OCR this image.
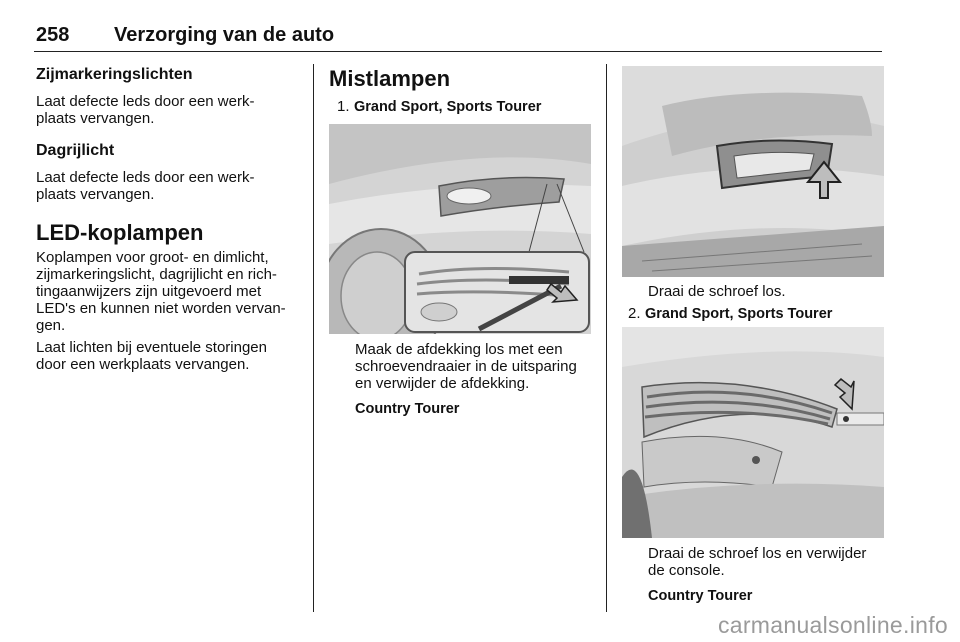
258 Verzorging van de auto

Zijmarkeringslichten

Laat defecte leds door een werk-
plaats vervangen.

Dagrijlicht

Laat defecte leds door een werk-
plaats vervangen.

LED-koplampen

Koplampen voor groot- en dimlicht,
zijmarkeringslicht, dagrijlicht en rich-
tingaanwijzers zijn uitgevoerd met
LED's en kunnen niet worden vervan-
gen.

Laat lichten bij eventuele storingen
door een werkplaats vervangen.

Mistlampen

1. Grand Sport, Sports Tourer

Maak de afdekking los met een
schroevendraaier in de uitsparing
en verwijder de afdekking.

Country Tourer

Draai de schroef los.

2. Grand Sport, Sports Tourer

Draai de schroef los en verwijder
de console.

Country Tourer

carmanualsonline.info
